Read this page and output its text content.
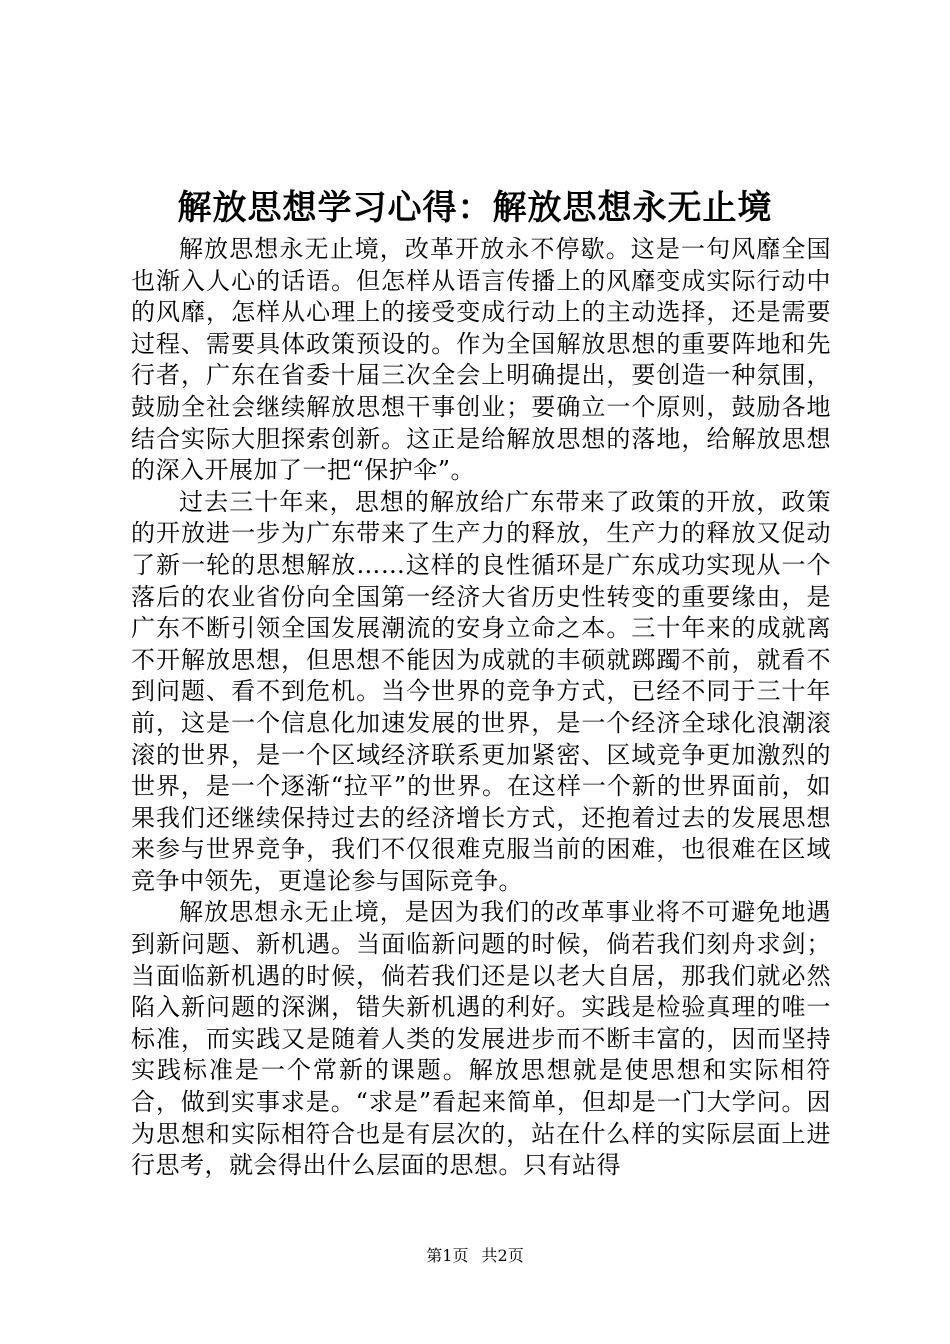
解放思想学习心得：解放思想永无止境

解放思想永无止境，改革开放永不停歇。这是一句风靡全国也渐入人心的话语。但怎样从语言传播上的风靡变成实际行动中的风靡，怎样从心理上的接受变成行动上的主动选择，还是需要过程、需要具体政策预设的。作为全国解放思想的重要阵地和先行者，广东在省委十届三次全会上明确提出，要创造一种氛围，鼓励全社会继续解放思想干事创业；要确立一个原则，鼓励各地结合实际大胆探索创新。这正是给解放思想的落地，给解放思想的深入开展加了一把“保护伞”。

过去三十年来，思想的解放给广东带来了政策的开放，政策的开放进一步为广东带来了生产力的释放，生产力的释放又促动了新一轮的思想解放……这样的良性循环是广东成功实现从一个落后的农业省份向全国第一经济大省历史性转变的重要缘由，是广东不断引领全国发展潮流的安身立命之本。三十年来的成就离不开解放思想，但思想不能因为成就的丰硕就踯躅不前，就看不到问题、看不到危机。当今世界的竞争方式，已经不同于三十年前，这是一个信息化加速发展的世界，是一个经济全球化浪潮滚滚的世界，是一个区域经济联系更加紧密、区域竞争更加激烈的世界，是一个逐渐“拉平”的世界。在这样一个新的世界面前，如果我们还继续保持过去的经济增长方式，还抱着过去的发展思想来参与世界竞争，我们不仅很难克服当前的困难，也很难在区域竞争中领先，更遑论参与国际竞争。

解放思想永无止境，是因为我们的改革事业将不可避免地遇到新问题、新机遇。当面临新问题的时候，倘若我们刻舟求剑；当面临新机遇的时候，倘若我们还是以老大自居，那我们就必然陷入新问题的深渊，错失新机遇的利好。实践是检验真理的唯一标准，而实践又是随着人类的发展进步而不断丰富的，因而坚持实践标准是一个常新的课题。解放思想就是使思想和实际相符合，做到实事求是。“求是”看起来简单，但却是一门大学问。因为思想和实际相符合也是有层次的，站在什么样的实际层面上进行思考，就会得出什么层面的思想。只有站得

第1页 共2页
